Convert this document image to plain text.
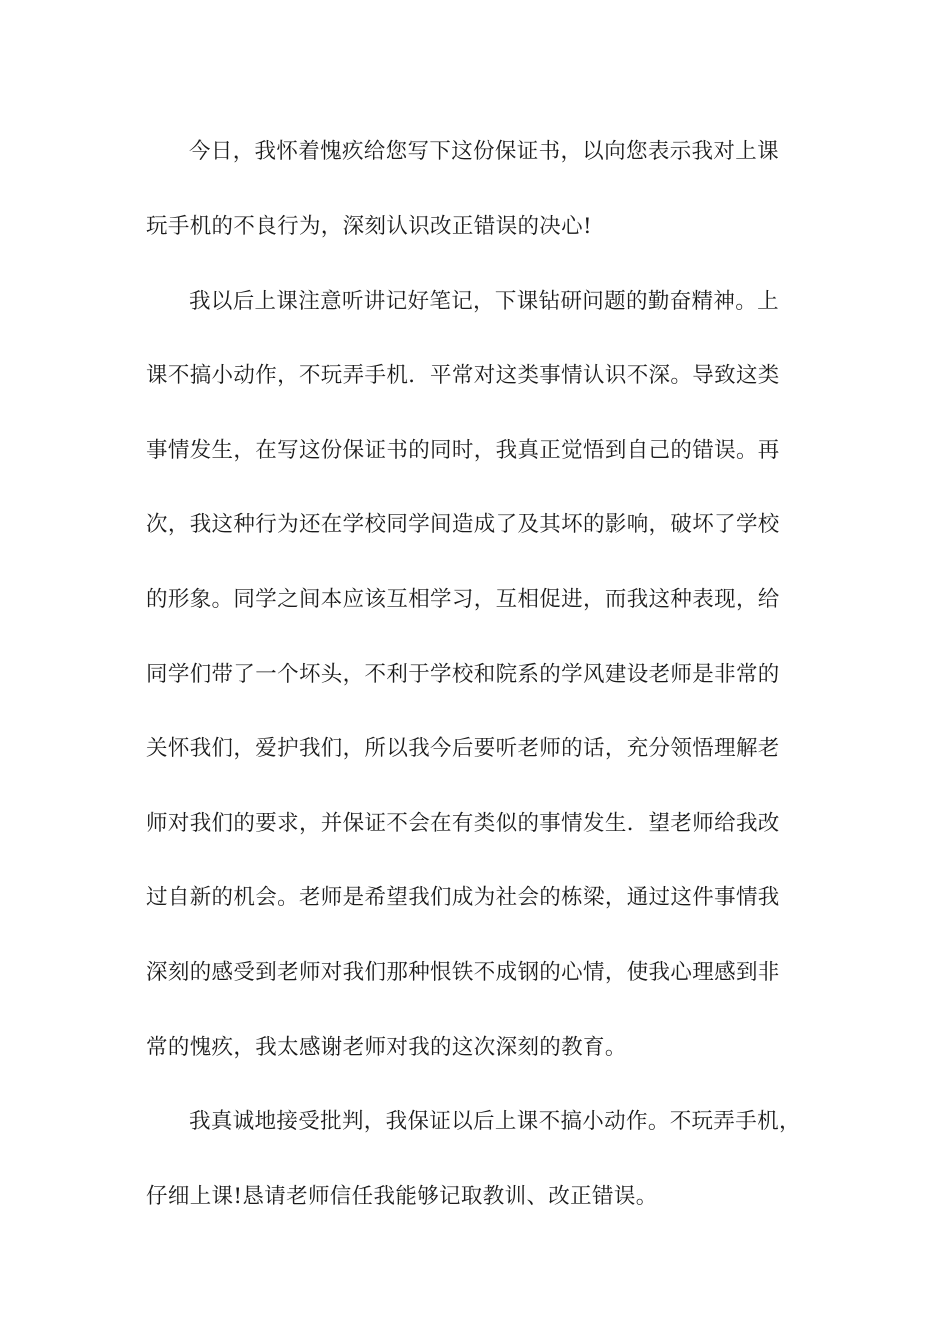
今日，我怀着愧疚给您写下这份保证书，以向您表示我对上课
玩手机的不良行为，深刻认识改正错误的决心!
我以后上课注意听讲记好笔记，下课钻研问题的勤奋精神。上
课不搞小动作，不玩弄手机．平常对这类事情认识不深。导致这类
事情发生，在写这份保证书的同时，我真正觉悟到自己的错误。再
次，我这种行为还在学校同学间造成了及其坏的影响，破坏了学校
的形象。同学之间本应该互相学习，互相促进，而我这种表现，给
同学们带了一个坏头，不利于学校和院系的学风建设老师是非常的
关怀我们，爱护我们，所以我今后要听老师的话，充分领悟理解老
师对我们的要求，并保证不会在有类似的事情发生．望老师给我改
过自新的机会。老师是希望我们成为社会的栋梁，通过这件事情我
深刻的感受到老师对我们那种恨铁不成钢的心情，使我心理感到非
常的愧疚，我太感谢老师对我的这次深刻的教育。
我真诚地接受批判，我保证以后上课不搞小动作。不玩弄手机，
仔细上课!恳请老师信任我能够记取教训、改正错误。
